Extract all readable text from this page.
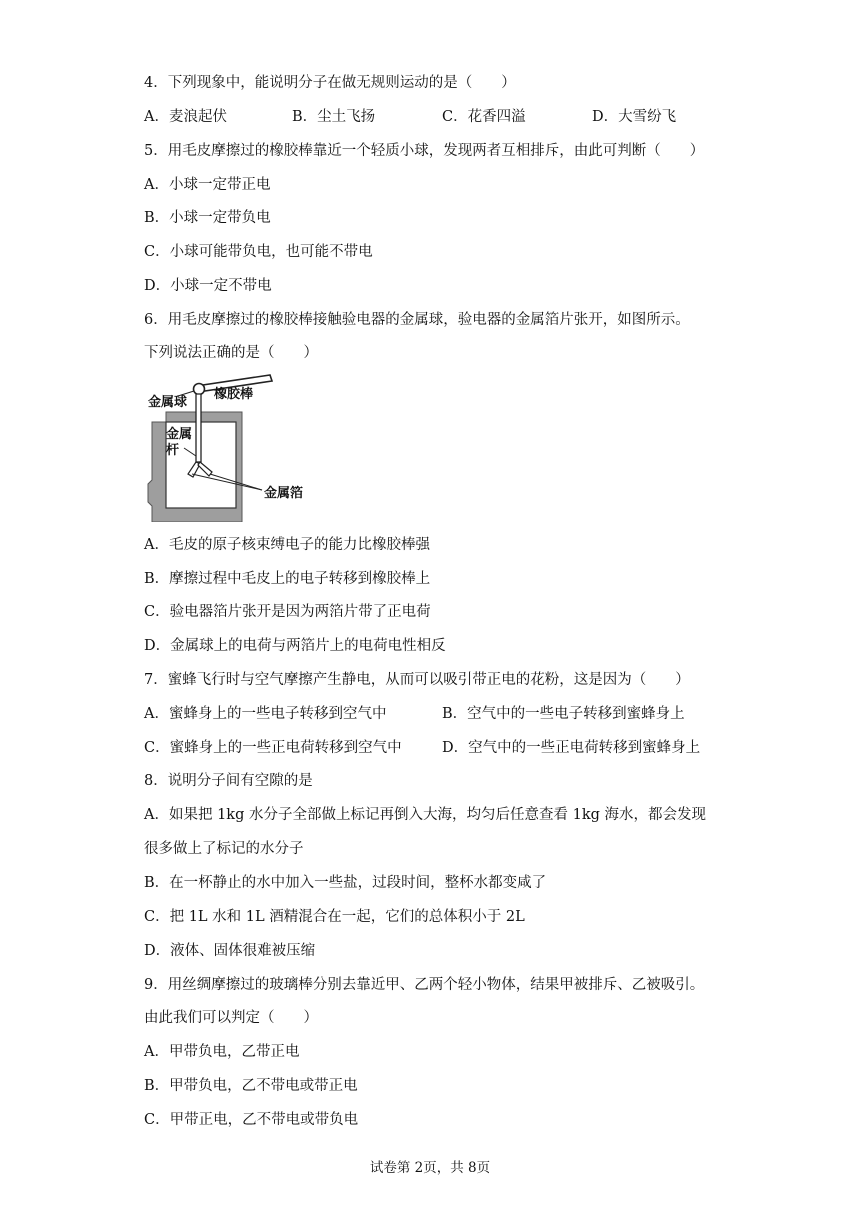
4．下列现象中，能说明分子在做无规则运动的是（　　）
A．麦浪起伏	B．尘土飞扬	C．花香四溢	D．大雪纷飞
5．用毛皮摩擦过的橡胶棒靠近一个轻质小球，发现两者互相排斥，由此可判断（　　）
A．小球一定带正电
B．小球一定带负电
C．小球可能带负电，也可能不带电
D．小球一定不带电
6．用毛皮摩擦过的橡胶棒接触验电器的金属球，验电器的金属箔片张开，如图所示。
下列说法正确的是（　　）
金属球
橡胶棒
金属
杆
金属箔
A．毛皮的原子核束缚电子的能力比橡胶棒强
B．摩擦过程中毛皮上的电子转移到橡胶棒上
C．验电器箔片张开是因为两箔片带了正电荷
D．金属球上的电荷与两箔片上的电荷电性相反
7．蜜蜂飞行时与空气摩擦产生静电，从而可以吸引带正电的花粉，这是因为（　　）
A．蜜蜂身上的一些电子转移到空气中	B．空气中的一些电子转移到蜜蜂身上
C．蜜蜂身上的一些正电荷转移到空气中	D．空气中的一些正电荷转移到蜜蜂身上
8．说明分子间有空隙的是
A．如果把 1kg 水分子全部做上标记再倒入大海，均匀后任意查看 1kg 海水，都会发现
很多做上了标记的水分子
B．在一杯静止的水中加入一些盐，过段时间，整杯水都变咸了
C．把 1L 水和 1L 酒精混合在一起，它们的总体积小于 2L
D．液体、固体很难被压缩
9．用丝绸摩擦过的玻璃棒分别去靠近甲、乙两个轻小物体，结果甲被排斥、乙被吸引。
由此我们可以判定（　　）
A．甲带负电，乙带正电
B．甲带负电，乙不带电或带正电
C．甲带正电，乙不带电或带负电
试卷第 2页，共 8页
